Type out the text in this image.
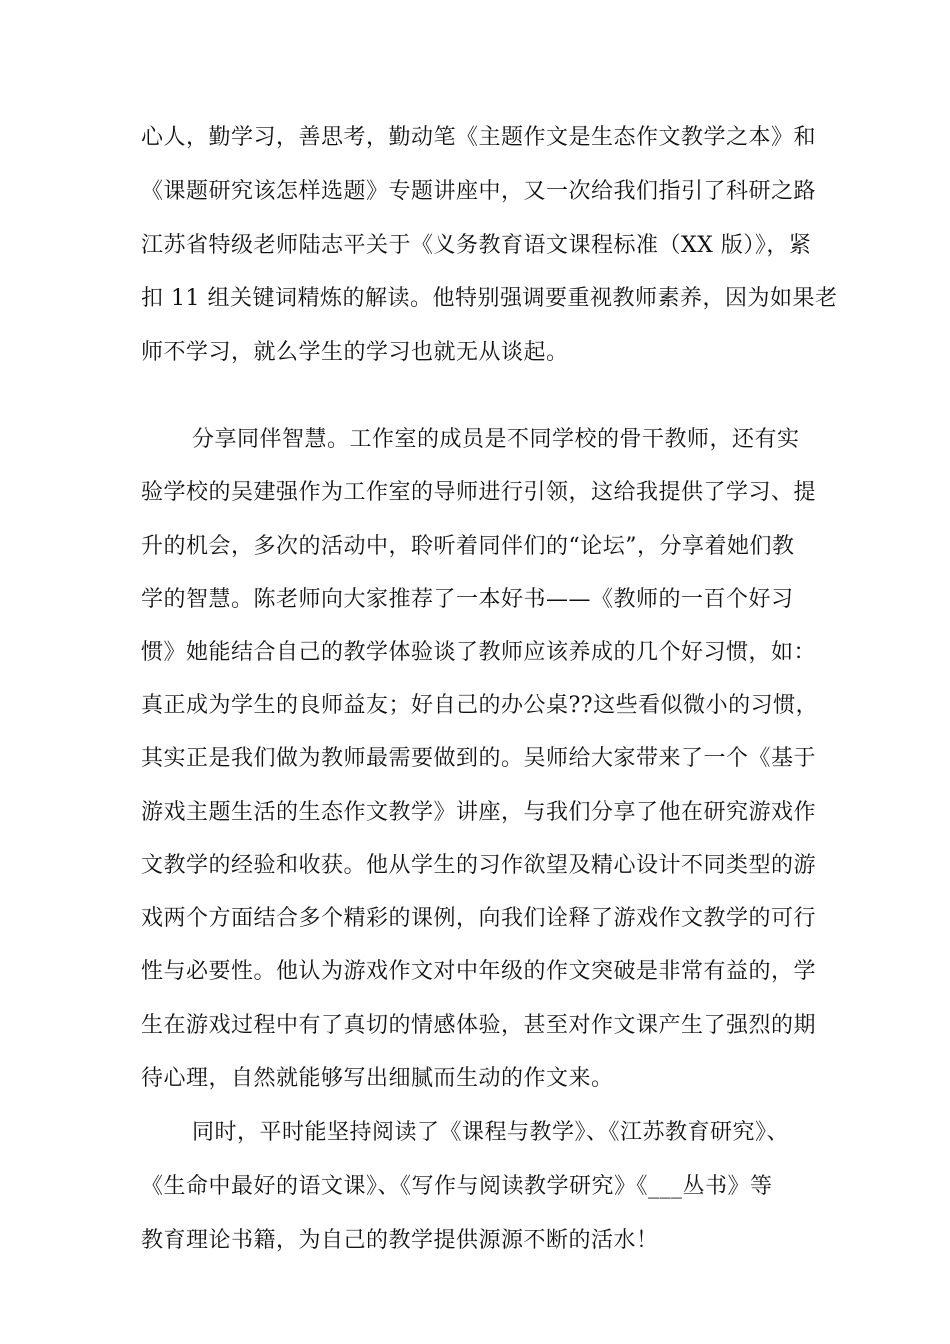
心人，勤学习，善思考，勤动笔《主题作文是生态作文教学之本》和
《课题研究该怎样选题》专题讲座中，又一次给我们指引了科研之路
江苏省特级老师陆志平关于《义务教育语文课程标准（XX 版）》，紧
扣 11 组关键词精炼的解读。他特别强调要重视教师素养，因为如果老
师不学习，就么学生的学习也就无从谈起。
分享同伴智慧。工作室的成员是不同学校的骨干教师，还有实
验学校的吴建强作为工作室的导师进行引领，这给我提供了学习、提
升的机会，多次的活动中，聆听着同伴们的“论坛”，分享着她们教
学的智慧。陈老师向大家推荐了一本好书——《教师的一百个好习
惯》她能结合自己的教学体验谈了教师应该养成的几个好习惯，如：
真正成为学生的良师益友；好自己的办公桌??这些看似微小的习惯，
其实正是我们做为教师最需要做到的。吴师给大家带来了一个《基于
游戏主题生活的生态作文教学》讲座，与我们分享了他在研究游戏作
文教学的经验和收获。他从学生的习作欲望及精心设计不同类型的游
戏两个方面结合多个精彩的课例，向我们诠释了游戏作文教学的可行
性与必要性。他认为游戏作文对中年级的作文突破是非常有益的，学
生在游戏过程中有了真切的情感体验，甚至对作文课产生了强烈的期
待心理，自然就能够写出细腻而生动的作文来。
同时，平时能坚持阅读了《课程与教学》、《江苏教育研究》、
《生命中最好的语文课》、《写作与阅读教学研究》《___丛书》等
教育理论书籍，为自己的教学提供源源不断的活水！
